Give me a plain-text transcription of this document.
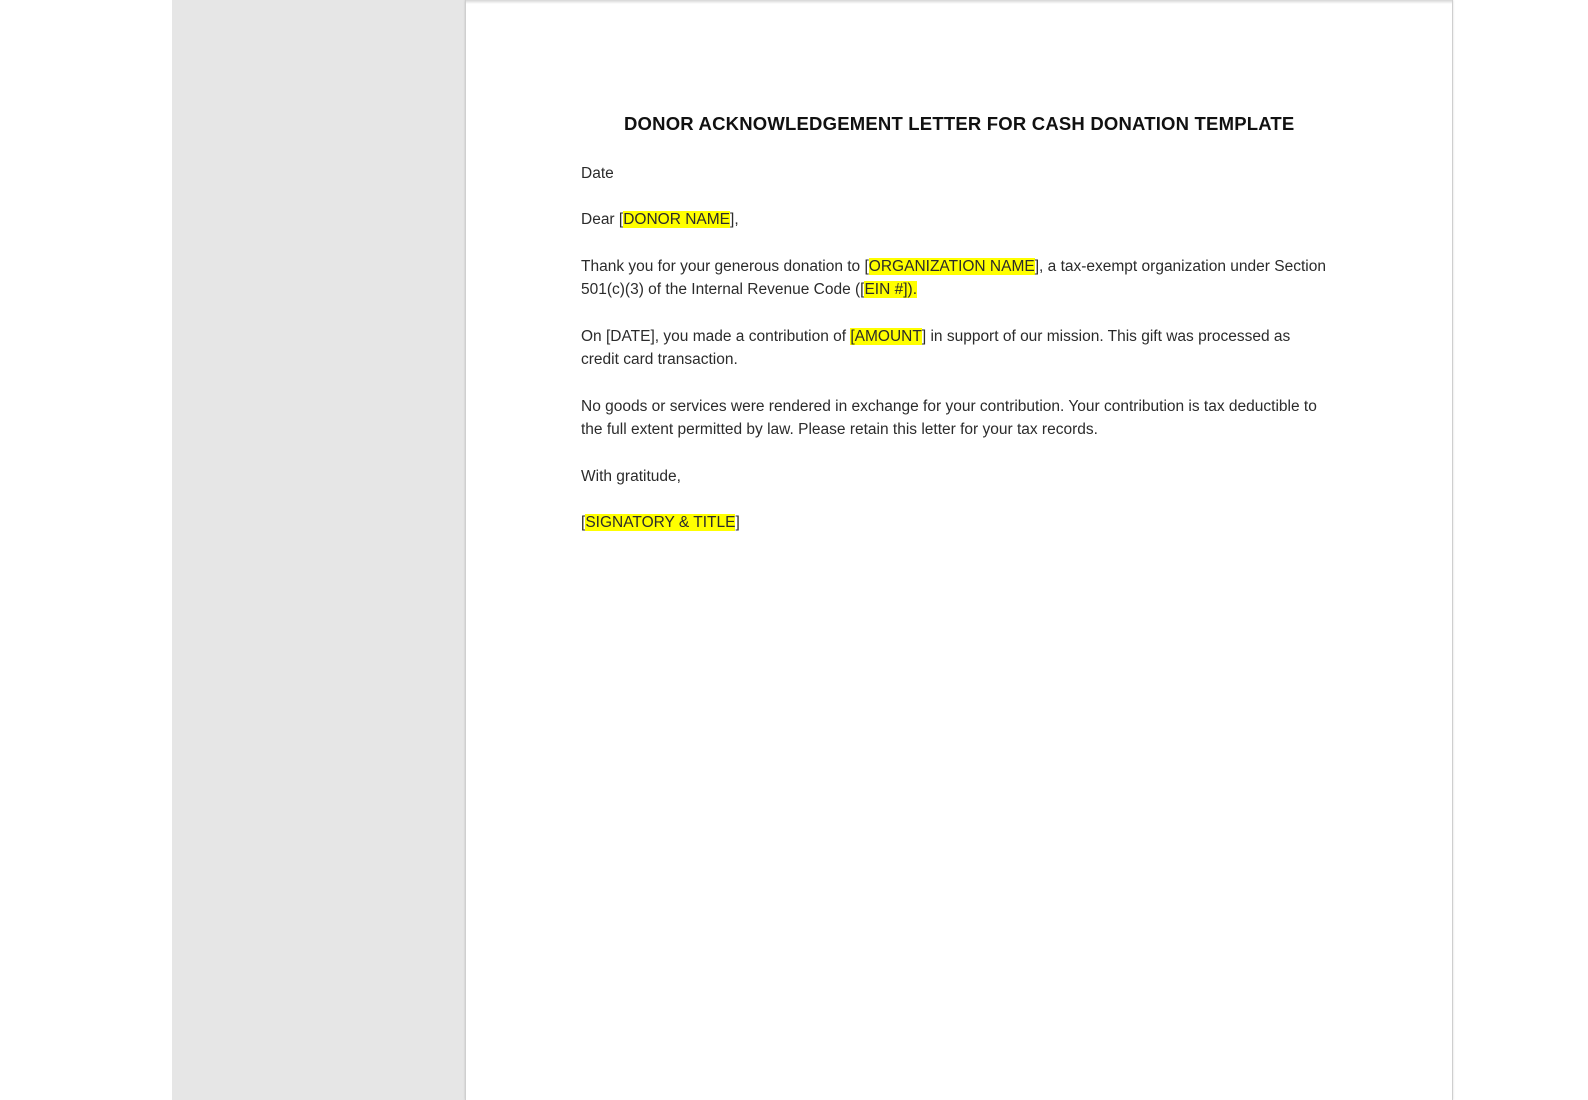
DONOR ACKNOWLEDGEMENT LETTER FOR CASH DONATION TEMPLATE

Date

Dear [DONOR NAME],

Thank you for your generous donation to [ORGANIZATION NAME], a tax-exempt organization under Section 501(c)(3) of the Internal Revenue Code ([EIN #]).

On [DATE], you made a contribution of [AMOUNT] in support of our mission. This gift was processed as credit card transaction.

No goods or services were rendered in exchange for your contribution. Your contribution is tax deductible to the full extent permitted by law. Please retain this letter for your tax records.

With gratitude,

[SIGNATORY & TITLE]
